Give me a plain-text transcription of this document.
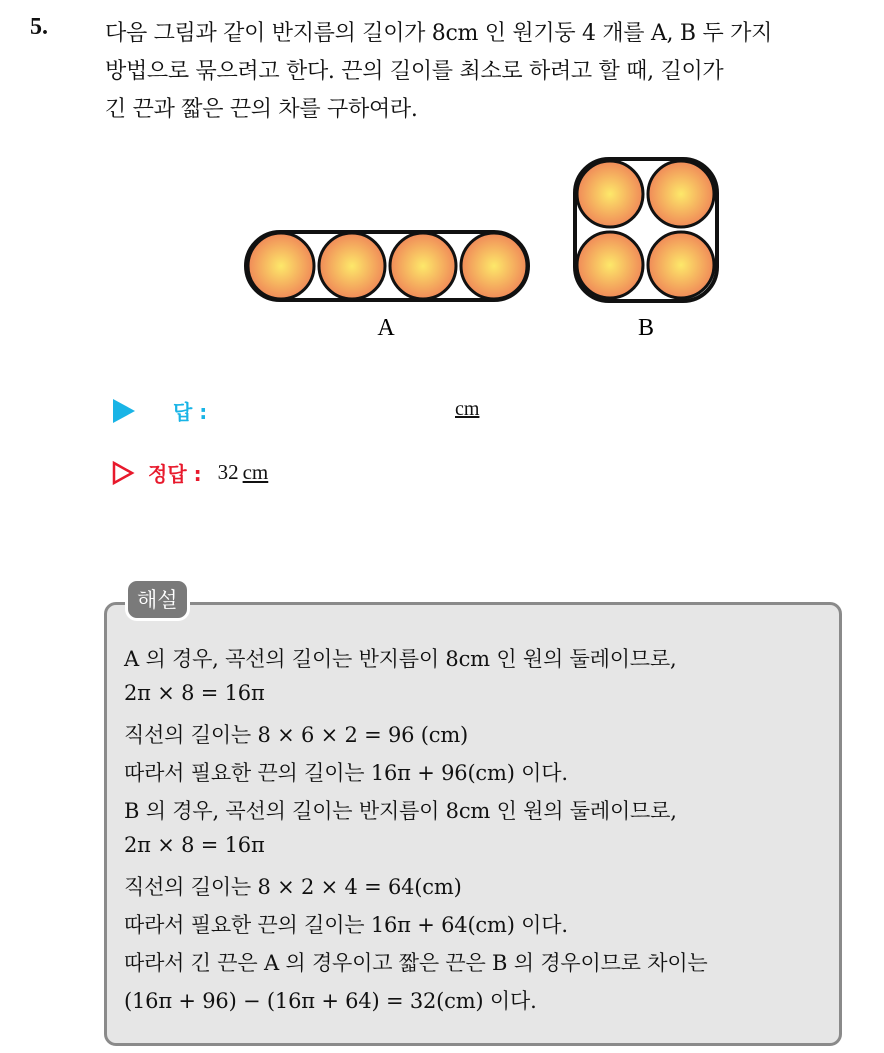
5.	다음 그림과 같이 반지름의 길이가 8cm 인 원기둥 4 개를 A, B 두 가지
방법으로 묶으려고 한다. 끈의 길이를 최소로 하려고 할 때, 길이가
긴 끈과 짧은 끈의 차를 구하여라.
A	B
답 :	cm
정답 : 32 cm
해설
A 의 경우, 곡선의 길이는 반지름이 8cm 인 원의 둘레이므로,
2π × 8 = 16π
직선의 길이는 8 × 6 × 2 = 96 (cm)
따라서 필요한 끈의 길이는 16π + 96(cm) 이다.
B 의 경우, 곡선의 길이는 반지름이 8cm 인 원의 둘레이므로,
2π × 8 = 16π
직선의 길이는 8 × 2 × 4 = 64(cm)
따라서 필요한 끈의 길이는 16π + 64(cm) 이다.
따라서 긴 끈은 A 의 경우이고 짧은 끈은 B 의 경우이므로 차이는
(16π + 96) − (16π + 64) = 32(cm) 이다.
